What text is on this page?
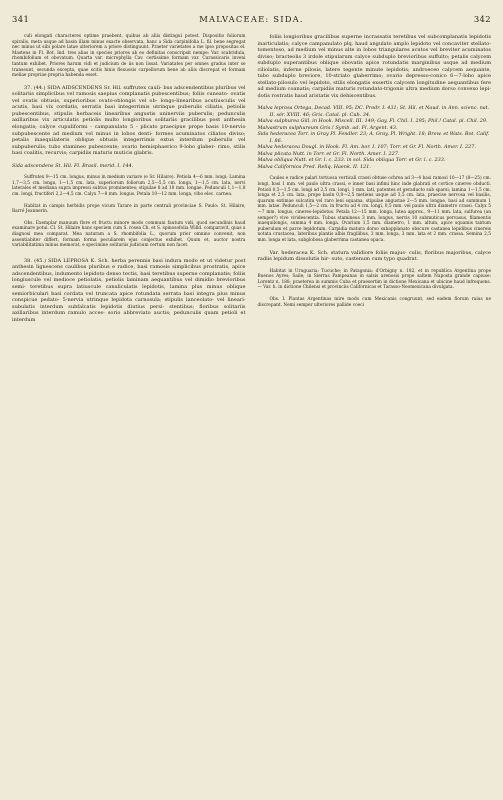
341	MALVACEAE: SIDA.	342

culi elongati characteres optime praebent, quibus ab aliis distingui potest. Dispositio foliorum spiralis, meta usque ad basin illam minus exacte observata, hanc a Sida carpinifolia L. fil. bene segregat nec minus ut sibi polare latae ulteriorem a priore distinguunt. Praeter varietates a me ipso propositas el. Mastens in Fl. Bot. Ind. tres alias in species priores ab eo definitas conscripsit nempe: Var. scabridula, rhombifolium et obovatum. Quarta var. microphylla Cav. certissime formam var. Curassicaris inveni tantum exhibet. Priores harum vidi et judicium de iis non lissat. Variatates per omnes gradus inter se transeunt, secunda excepta, quae scitis hinis flexuosis carpellorum bene ab aliis discrepat et formam meliae propriae propria habenda esset.

37. (44.) SIDA AIDSCENDENS Sr. Hil. suffrutex cauli- bus adscendentibus pluribus vel solitariis simplicibus vel ramosis saepius complanatis pubescentibus; foliis cuneato- ovatis vel ovatis obtusis, superioribus ovato-oblongis vel ob- longo-linearibus acutiusculis vel acutis, basi vix cordatis, serratis basi integerrimis utrinque puberulis ciliatis, petiolis pubescentibus, stipulis herbaceis linearibus angustis uninerviis puberulis; pedunculis axillaribus vix articulatis petiolis multo longioribus solitariis gracilibus post anthesin elongatis; calyce cupuliformi - campanulato 5 - plicato praecipue prope basis 10-nervio subpubescente ad medium vel minus in lobos denti- formes acuminatos ciliatos diviso; petalis inaequilateris oblique obtusis integerrimis extus interdum puberulis vel subpuberulis; tubo stamineo pubescente; ovario hemisphaerico 9-lobo glaber- rimo, stilis basi coalitis, recurvis; carpidiis maturis muticis glabris.

Sida adscendens St. Hil. Fl. Brasil. merid. I. 144.

Suffrutex 9—15 cm. longus, minus in medium variare (e Sr. Hilaire). Petiola 4—6 mm. longi; Lamina 1,7—3,5 cm. longa, 1—1,5 cm. lata, superiorum foliorum 2,5—5,5 cm. longa, 1—1,5 cm. lata, nervi laterales et mediana supra impressi subtus prominentes; stipulae 8 ad 10 mm. longae. Pedunculi 1,1—1,8 cm. longi, fructiferi 2,2—4,5 cm. Calyx 7—8 mm. longus. Petala 10—12 mm. longa, vibo elec. carnea.

Habitat in campis herbidis prope vicum Tarare in parte centrali provinciae S. Paulo: St. Hilaire, Barré Jeannerin.

Obs. Exemplar manuum flore et fructu minore modo communi fautum vidi, quod secundinis haud examinare potui. Cl. St. Hilaire hanc speciem cum S. rosea Ch. et S. spinosofolia Willd. comparavit, quas a diagnosi mea comparat. Mea naturam a S. rhombifolia L., quorum prior omnino convenit, non assentiabiter differt, formam forma peculiarem ejus conjectus exhibet. Quum et, auctor nostra variabilitatima minus memorat, e specimine solitariis judicium certum non facet.

38. (45.) SIDA LEPROSA K. Sch. herba perennis basi indura modo et ut videtur post anthesin lignescens caulibus pluribus e radice, basi ramosis simplicibus prostratis, apice adscendentibus, indumento lepidoto denso tectis, basi teretibus superne complanatis; foliis longiuscule vel medioce petiolatis, petiolis laminam aequantibus vel dimidio brevioribus semi- teretibus supra latiuscule canaliculatis lepidotis, lamina plus minus oblique semiorbiculari basi cordata vel truncata apice rotundata serrata basi integra plus minus conspicue pedato- 5-nervia utrinque lepidota carnosula; stipulis lanceolato- vel lineari-subulatis interdum subfalcatis lepidotis diutius persi- stentibus; floribus solitariis axillaribus interdum ramulo acces- sorio abbreviato auctis; pedunculis quam petioli et interdum

foliis longioribus gracilibus superne incrassatis teretibus vel subcomplanatis lepidotis inarticulatis; calyce campanulato plq. haud angulato amplo lepidoto vel concaviter stellato-tomentoso, ad medium vel minus alte in lobos triangulares acutos vel breviter acuminatos diviso; bracteolis 3 irdole stipularum calyce subduplo brevioribus suffulto; petalis calycem subduplo superantibus oblique obovatis apice rotundatis marginibus usque ad medium ciliolatis, inferne pilosis, latere tegente minute lepidotis; androeceo calycem aequante, tubo subduplo breviore, 10-striato glaberrimo; ovario depresso-conico 6—7-lobo apice stellato-pilosulo vel lepidoto, stilis elongatis exsertis calycem longitudine aequantibus fere ad medium coanatis; carpidiis maturis rotundato-trigonis ultra medium dorso convexo lepi- dotis rostratis haud aristatis vix dehiscentibus.

Malva leprosa Ortega, Decad. VIII. 95; DC. Prodr. I. 431; St. Hil. et Naud. in Ann. scienc. nat. II. sér. XVIII. 46; Gris. Catal. pl. Cub. 34.
Malva sulphurea Gill. in Hook. Miscell. III. 149; Gay, Fl. Chil. I. 295; Phil.! Catal. pl. Chil. 29.
Malvastrum sulphureum Gris.! Symb. ad. Fl. Argent. 43.
Sida hederacea Torr. in Gray Pl. Fendler. 23; A. Gray, Pl. Wright. 18; Brew. et Wats. Bot. Calif. I. 86.
Malva hederacea Dougl. in Hook. Fl. Am. bor. I. 107; Torr. et Gr. Fl. North. Amer. I. 227.
Malva plicata Nutt. in Torr. et Gr. Fl. North. Amer. I. 227.
Malva obliqua Nutt. et Gr. l. c. 233. in sol. Sida obliqua Torr. et Gr. l. c. 233.
Malva Californica Pred. Reliq. Haenk. II. 121.

Caules e radice palari tortuosa verticali crassi obtuse ochrea ad 3—4 basi ramosi 10—17 (8—25) cm. longi, basi 1 mm. vel paulo ultra crassi, e inner basi infimi hinc inde glabrati et cortice cinereo obducti. Petioli 0,5—1,5 cm. longi ad 2,5 cm. longi, 1 mm. lati, patentes et geraducto sub sparsi; lamina 1—1,5 cm. longa et 2,5 cm. lata, prope basin 0,8—2,5 metiens usque ad 3,5 cm. lata, praecise nervosa vel basilis, quarum extimae sulcatim vel raro leni squama, stipulae angustae 2—5 mm. longae, basi ad summum 1 mm. latae. Pedunculi 1,5—2 cm. in fructu ad 4 cm. longi, 0,5 mm. vel paulo ultra diametro crassi. Calyx 5—7 mm. longus, cinereo-lepidotus. Petala 12—15 mm. longa, lutea approx., 9—11 mm. lata, sulfurea (an semper?) vive viridescentia. Tubus stamineus 3 mm. longus, nervis 10 submuticus pervasus, filamentis inaequilongis, summa 4 mm. longa. Ovarium 1,5 mm. diametro, 1 mm. altum, apice squamis tantum puberulum et parce lepidotum. Carpidia matura dorso subapplanato obscure castanea lepidibus cinereis notata crustacea, lateribus plantis albis fragilibus, 3 mm. longa, 3 mm. lata et 2 mm. crassa. Semina 2,5 mm. longa et lata, subglobosa glaberrima castanea opaca.

Var. hederacea K. Sch. statura validiore foliis majus- culis, floribus majoribus, calyce radiis lepidum dissolutis hir- suto, castenum cum typo quadrat.

Habitat in Uruguaria: Tucuche; in Patagonia: d'Orbigny n. 182, et in republica Argentina prope Buenos Ayres; Saile; in Sierras Pampeanas in salsis arenosis prope saltem Naposta grande capiuse: Lorentz n. 188; praeterea in summis Cuba et praesertim in dictione Mexicana et ubicine haud infrequens. — Var. h. in dictione Chilensi et provinciis Californicas et Tarasso-Neomexicana divulgata.

Obs. I. Plantas Argentinas mire modo cum Mexicanis congruunt, sed eadem florum raius ne discrepant. Nemi semper ulteriores pallide coeci
